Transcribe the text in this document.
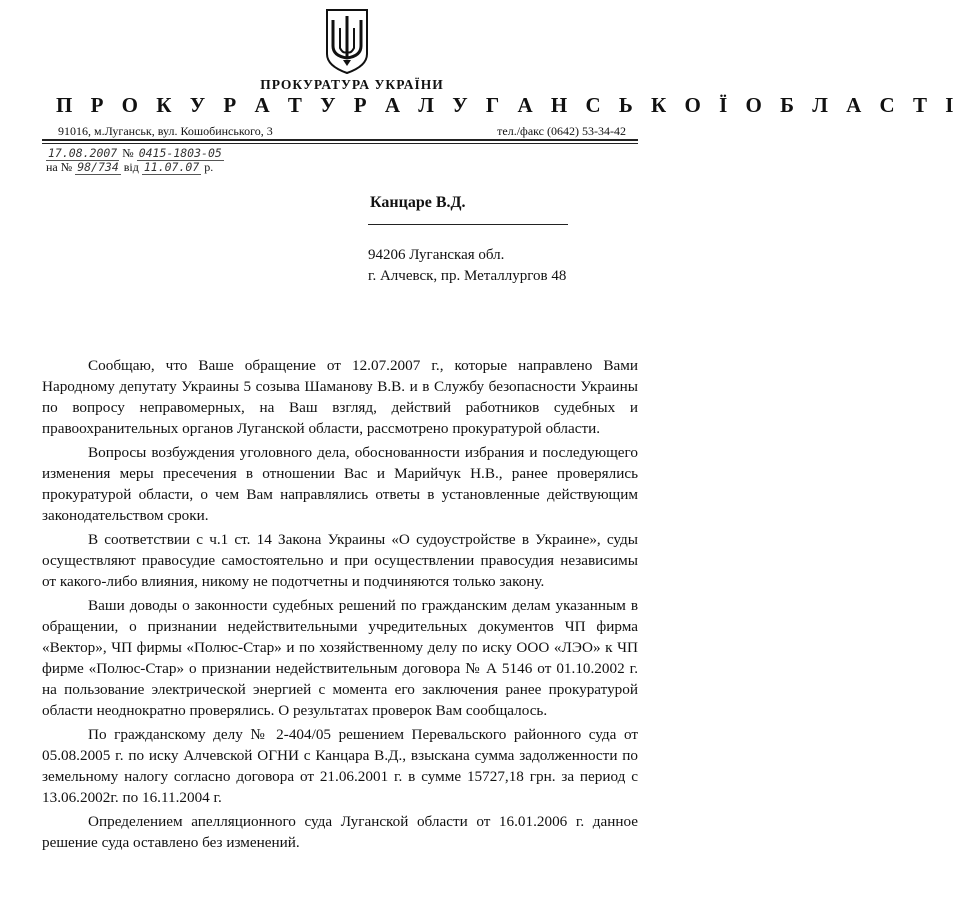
ПРОКУРАТУРА УКРАЇНИ
П Р О К У Р А Т У Р А Л У Г А Н С Ь К О Ї О Б Л А С Т І
91016, м.Луганськ, вул. Кошобинського, 3	тел./факс (0642) 53-34-42
17.08.2007 № 0415-1803-05
на № 98/734 від 11.07.07 р.
Канцаре В.Д.
94206 Луганская обл.
г. Алчевск, пр. Металлургов 48

Сообщаю, что Ваше обращение от 12.07.2007 г., которые направлено Вами Народному депутату Украины 5 созыва Шаманову В.В. и в Службу безопасности Украины по вопросу неправомерных, на Ваш взгляд, действий работников судебных и правоохранительных органов Луганской области, рассмотрено прокуратурой области.

Вопросы возбуждения уголовного дела, обоснованности избрания и последующего изменения меры пресечения в отношении Вас и Марийчук Н.В., ранее проверялись прокуратурой области, о чем Вам направлялись ответы в установленные действующим законодательством сроки.

В соответствии с ч.1 ст. 14 Закона Украины «О судоустройстве в Украине», суды осуществляют правосудие самостоятельно и при осуществлении правосудия независимы от какого-либо влияния, никому не подотчетны и подчиняются только закону.

Ваши доводы о законности судебных решений по гражданским делам указанным в обращении, о признании недействительными учредительных документов ЧП фирма «Вектор», ЧП фирмы «Полюс-Стар» и по хозяйственному делу по иску ООО «ЛЭО» к ЧП фирме «Полюс-Стар» о признании недействительным договора № А 5146 от 01.10.2002 г. на пользование электрической энергией с момента его заключения ранее прокуратурой области неоднократно проверялись. О результатах проверок Вам сообщалось.

По гражданскому делу № 2-404/05 решением Перевальского районного суда от 05.08.2005 г. по иску Алчевской ОГНИ с Канцара В.Д., взыскана сумма задолженности по земельному налогу согласно договора от 21.06.2001 г. в сумме 15727,18 грн. за период с 13.06.2002г. по 16.11.2004 г.

Определением апелляционного суда Луганской области от 16.01.2006 г. данное решение суда оставлено без изменений.
